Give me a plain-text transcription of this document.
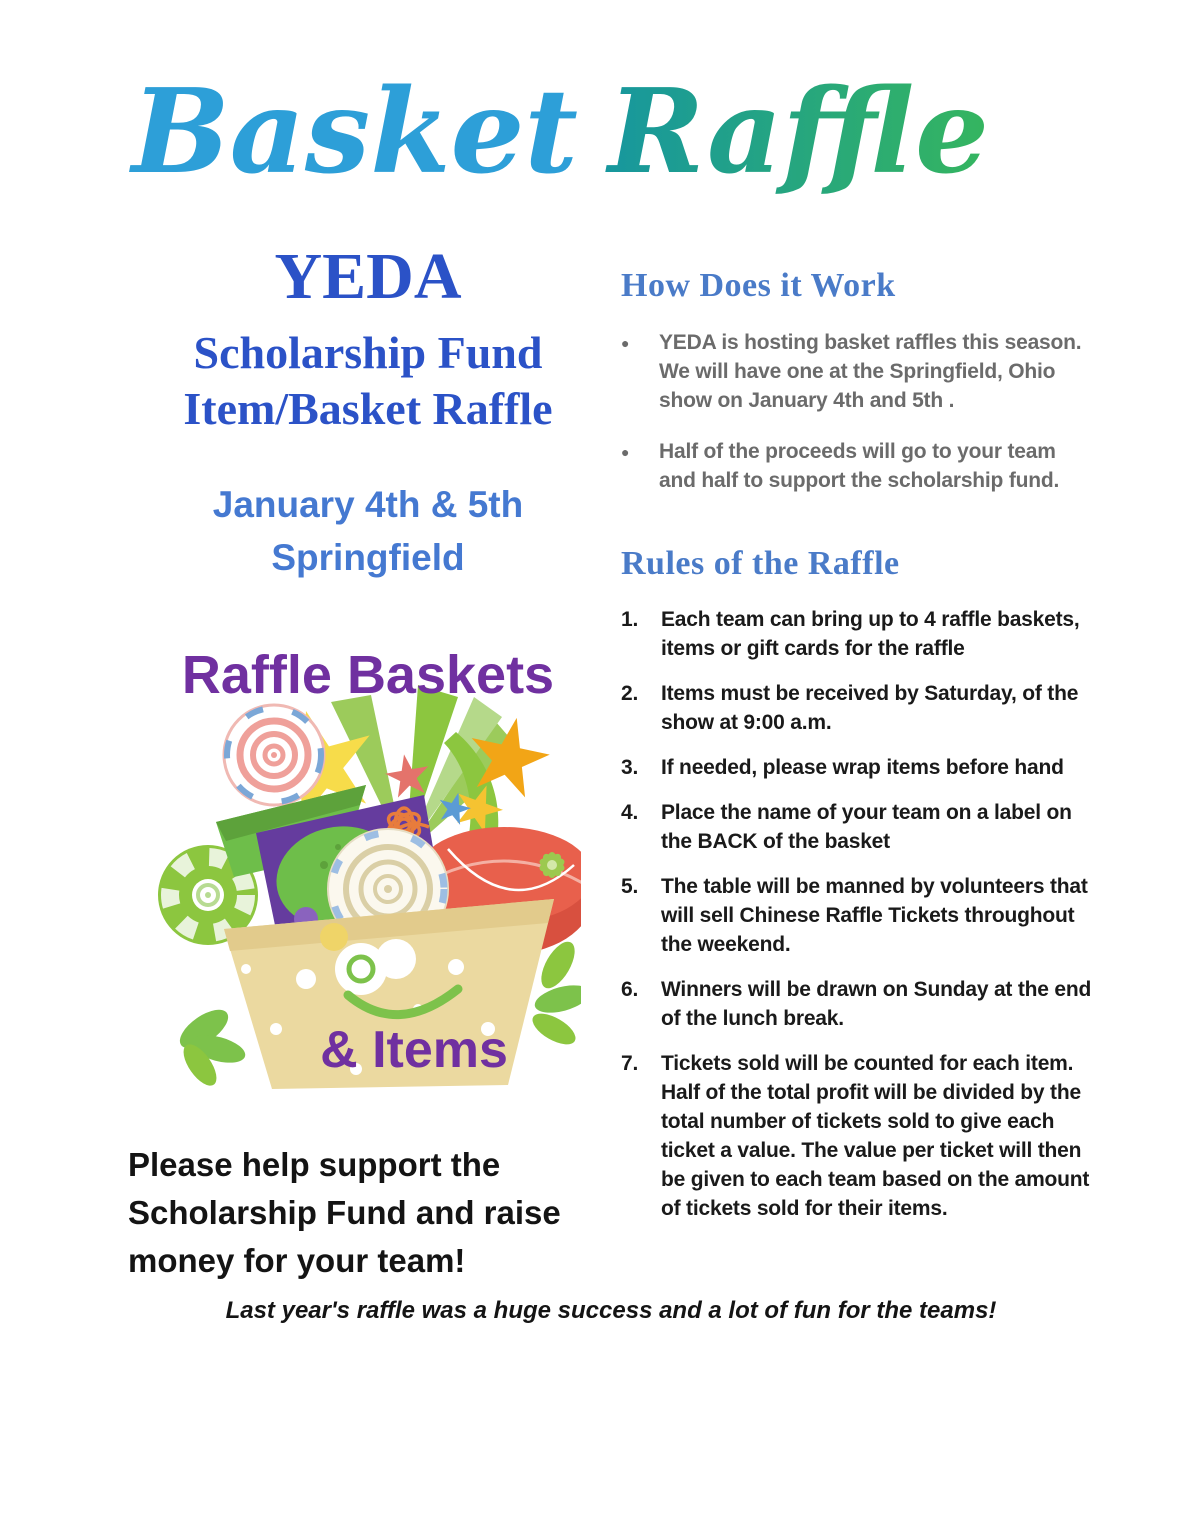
Basket Raffle
YEDA
Scholarship Fund
Item/Basket Raffle
January 4th & 5th
Springfield
Raffle Baskets
& Items
Please help support the Scholarship Fund and raise money for your team!
How Does it Work
●	YEDA is hosting basket raffles this season. We will have one at the Springfield, Ohio show on January 4th and 5th .
●	Half of the proceeds will go to your team and half to support the scholarship fund.
Rules of the Raffle
1.	Each team can bring up to 4 raffle baskets, items or gift cards for the raffle
2.	Items must be received by Saturday, of the show at 9:00 a.m.
3.	If needed, please wrap items before hand
4.	Place the name of your team on a label on the BACK of the basket
5.	The table will be manned by volunteers that will sell Chinese Raffle Tickets throughout the weekend.
6.	Winners will be drawn on Sunday at the end of the lunch break.
7.	Tickets sold will be counted for each item. Half of the total profit will be divided by the total number of tickets sold to give each ticket a value. The value per ticket will then be given to each team based on the amount of tickets sold for their items.
Last year's raffle was a huge success and a lot of fun for the teams!
